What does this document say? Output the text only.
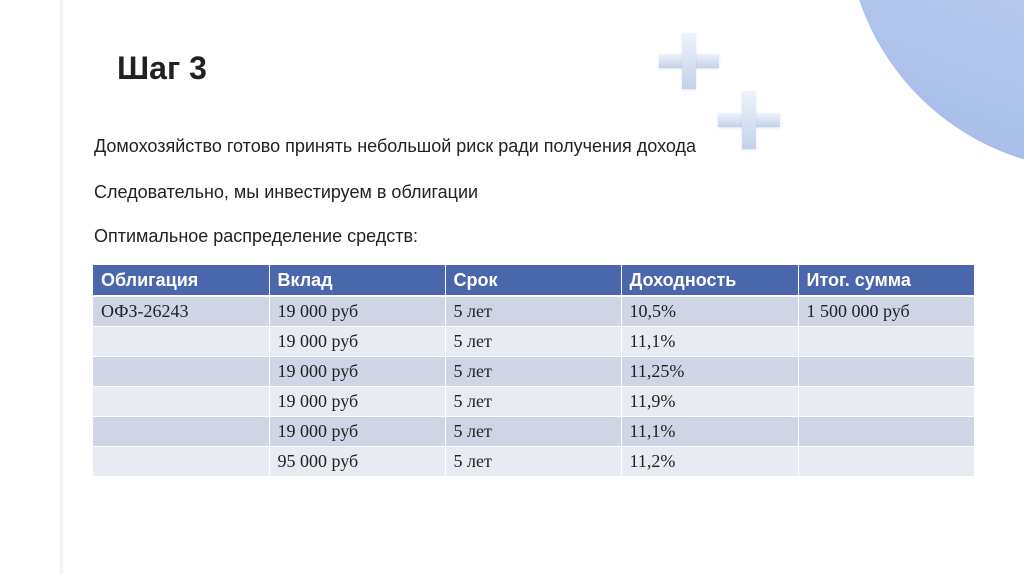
Шаг 3

Домохозяйство готово принять небольшой риск ради получения дохода

Следовательно, мы инвестируем в облигации

Оптимальное распределение средств:

Облигация	Вклад	Срок	Доходность	Итог. сумма
ОФЗ-26243	19 000 руб	5 лет	10,5%	1 500 000 руб
	19 000 руб	5 лет	11,1%	
	19 000 руб	5 лет	11,25%	
	19 000 руб	5 лет	11,9%	
	19 000 руб	5 лет	11,1%	
	95 000 руб	5 лет	11,2%	
